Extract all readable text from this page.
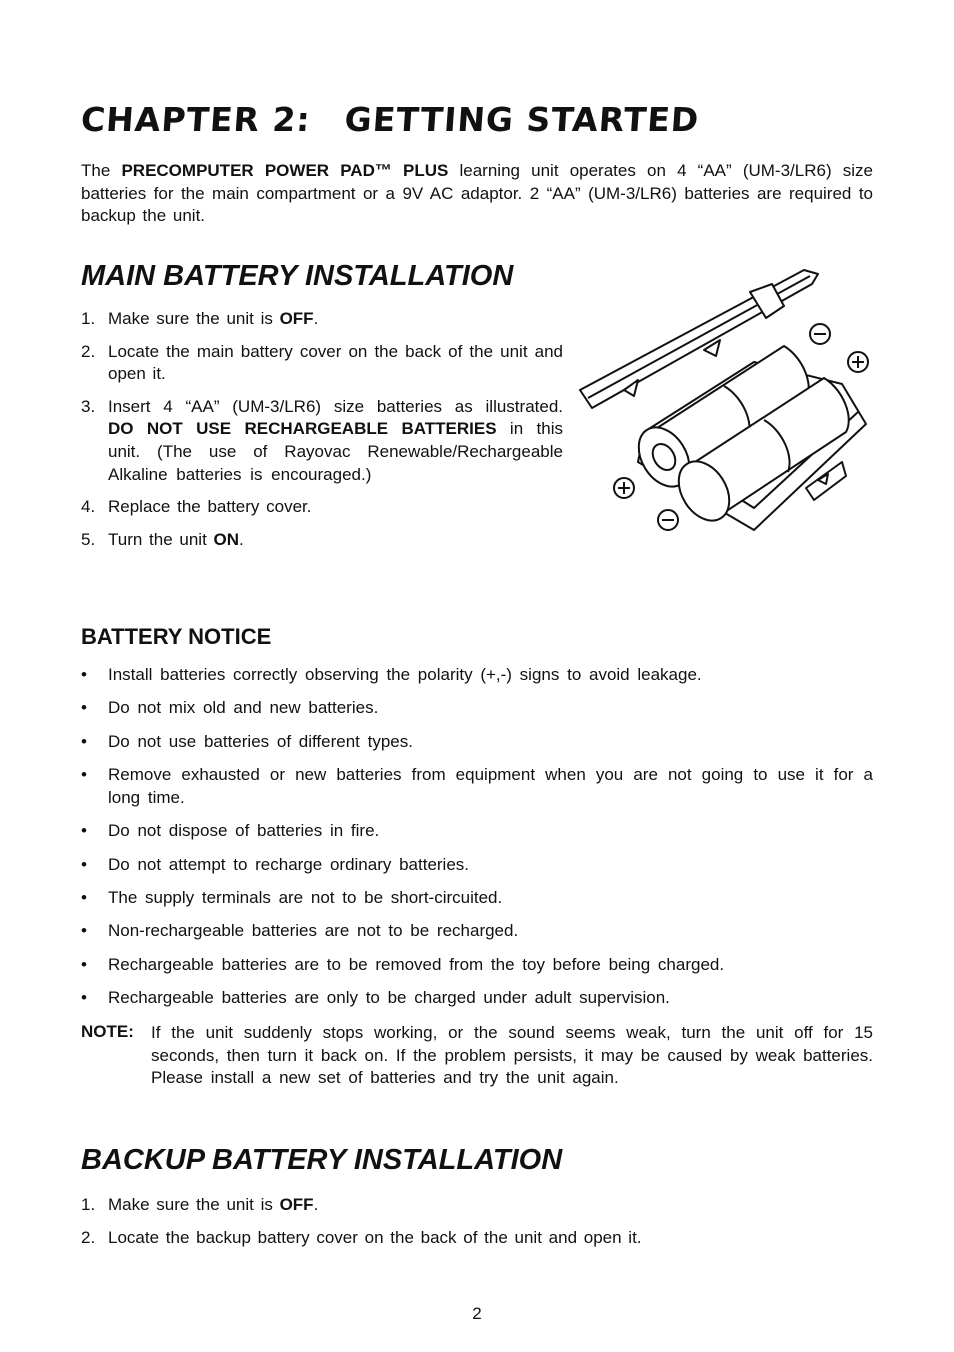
CHAPTER 2: GETTING STARTED

The PRECOMPUTER POWER PAD™ PLUS learning unit operates on 4 “AA” (UM-3/LR6) size batteries for the main compartment or a 9V AC adaptor. 2 “AA” (UM-3/LR6) batteries are required to backup the unit.

MAIN BATTERY INSTALLATION
1. Make sure the unit is OFF.
2. Locate the main battery cover on the back of the unit and open it.
3. Insert 4 “AA” (UM-3/LR6) size batteries as illustrated. DO NOT USE RECHARGEABLE BATTERIES in this unit. (The use of Rayovac Renewable/Rechargeable Alkaline batteries is encouraged.)
4. Replace the battery cover.
5. Turn the unit ON.
BATTERY NOTICE
• Install batteries correctly observing the polarity (+,-) signs to avoid leakage.
• Do not mix old and new batteries.
• Do not use batteries of different types.
• Remove exhausted or new batteries from equipment when you are not going to use it for a long time.
• Do not dispose of batteries in fire.
• Do not attempt to recharge ordinary batteries.
• The supply terminals are not to be short-circuited.
• Non-rechargeable batteries are not to be recharged.
• Rechargeable batteries are to be removed from the toy before being charged.
• Rechargeable batteries are only to be charged under adult supervision.
NOTE: If the unit suddenly stops working, or the sound seems weak, turn the unit off for 15 seconds, then turn it back on. If the problem persists, it may be caused by weak batteries. Please install a new set of batteries and try the unit again.

BACKUP BATTERY INSTALLATION
1. Make sure the unit is OFF.
2. Locate the backup battery cover on the back of the unit and open it.
2
